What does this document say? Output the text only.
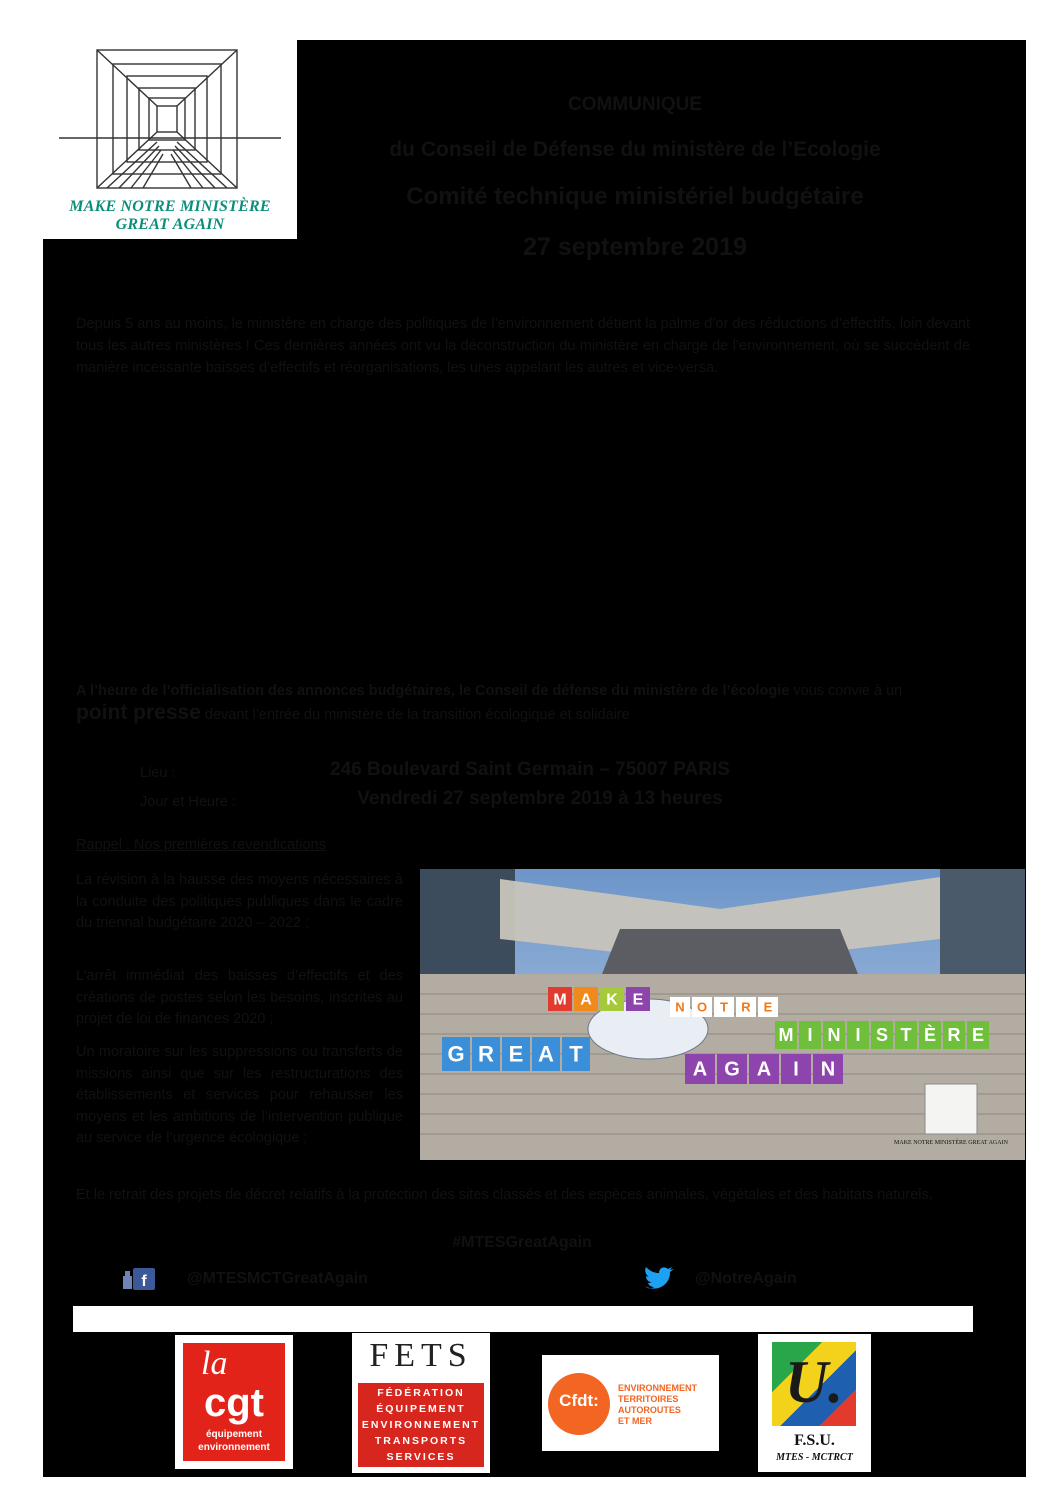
MAKE NOTRE MINISTÈRE
GREAT AGAIN
COMMUNIQUE
du Conseil de Défense du ministère de l’Ecologie
Comité technique ministériel budgétaire
27 septembre 2019
Depuis 5 ans au moins, le ministère en charge des politiques de l’environnement détient la palme d’or des réductions d’effectifs, loin devant tous les autres ministères ! Ces dernières années ont vu la déconstruction du ministère en charge de l’environnement, où se succèdent de manière incessante baisses d’effectifs et réorganisations, les unes appelant les autres et vice-versa.
A l’heure de l’officialisation des annonces budgétaires, le Conseil de défense du ministère de l’écologie vous convie à un
point presse devant l’entrée du ministère de la transition écologique et solidaire
Lieu :	246 Boulevard Saint Germain – 75007 PARIS
Jour et Heure :	Vendredi 27 septembre 2019 à 13 heures
Rappel : Nos premières revendications
La révision à la hausse des moyens nécessaires à la conduite des politiques publiques dans le cadre du triennal budgétaire 2020 – 2022 ;
L’arrêt immédiat des baisses d’effectifs et des créations de postes selon les besoins, inscrites au projet de loi de finances 2020 ;
Un moratoire sur les suppressions ou transferts de missions ainsi que sur les restructurations des établissements et services pour rehausser les moyens et les ambitions de l’intervention publique au service de l’urgence écologique ;	MAKE NOTRE MINISTÈRE GREAT AGAIN
M A K E N O T R E
G R E A T
A G A I N
M I N I S T È R E
Et le retrait des projets de décret relatifs à la protection des sites classés et des espèces animales, végétales et des habitats naturels.
#MTESGreatAgain
f	@MTESMCTGreatAgain	@NotreAgain
la
cgt
équipement
environnement
FETS
FÉDÉRATION
ÉQUIPEMENT
ENVIRONNEMENT
TRANSPORTS
SERVICES
Cfdt:
ENVIRONNEMENT
TERRITOIRES
AUTOROUTES
ET MER
U.
F.S.U.
MTES - MCTRCT
